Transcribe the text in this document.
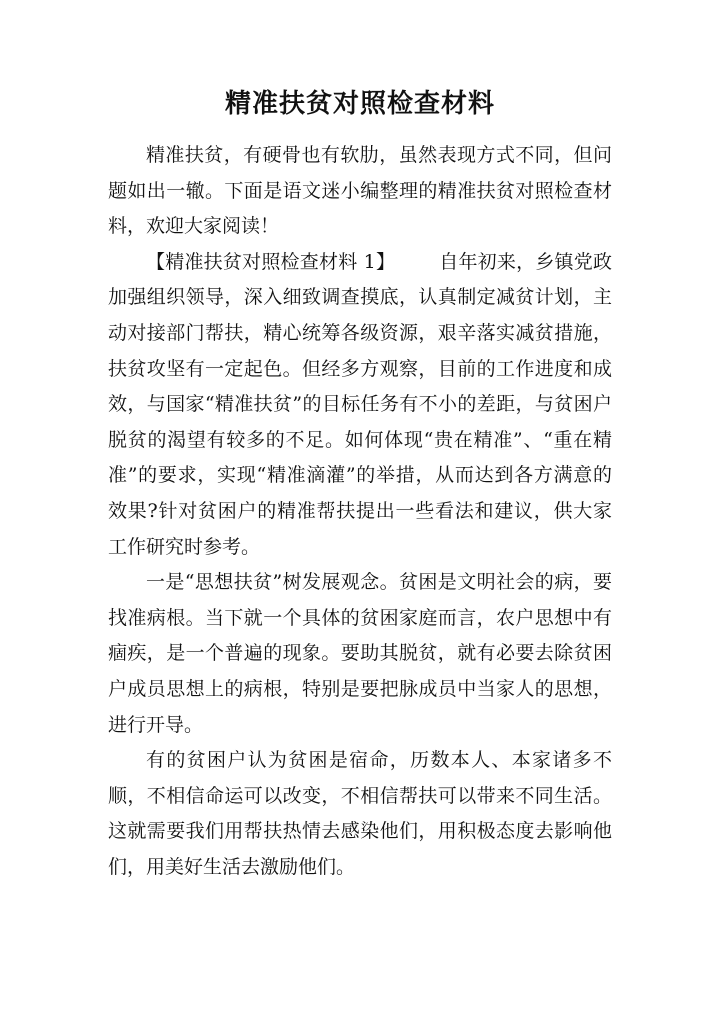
精准扶贫对照检查材料

精准扶贫，有硬骨也有软肋，虽然表现方式不同，但问题如出一辙。下面是语文迷小编整理的精准扶贫对照检查材料，欢迎大家阅读！

【精准扶贫对照检查材料 1】 自年初来，乡镇党政加强组织领导，深入细致调查摸底，认真制定减贫计划，主动对接部门帮扶，精心统筹各级资源，艰辛落实减贫措施，扶贫攻坚有一定起色。但经多方观察，目前的工作进度和成效，与国家“精准扶贫”的目标任务有不小的差距，与贫困户脱贫的渴望有较多的不足。如何体现“贵在精准”、“重在精准”的要求，实现“精准滴灌”的举措，从而达到各方满意的效果?针对贫困户的精准帮扶提出一些看法和建议，供大家工作研究时参考。

一是“思想扶贫”树发展观念。贫困是文明社会的病，要找准病根。当下就一个具体的贫困家庭而言，农户思想中有痼疾，是一个普遍的现象。要助其脱贫，就有必要去除贫困户成员思想上的病根，特别是要把脉成员中当家人的思想，进行开导。

有的贫困户认为贫困是宿命，历数本人、本家诸多不顺，不相信命运可以改变，不相信帮扶可以带来不同生活。这就需要我们用帮扶热情去感染他们，用积极态度去影响他们，用美好生活去激励他们。
